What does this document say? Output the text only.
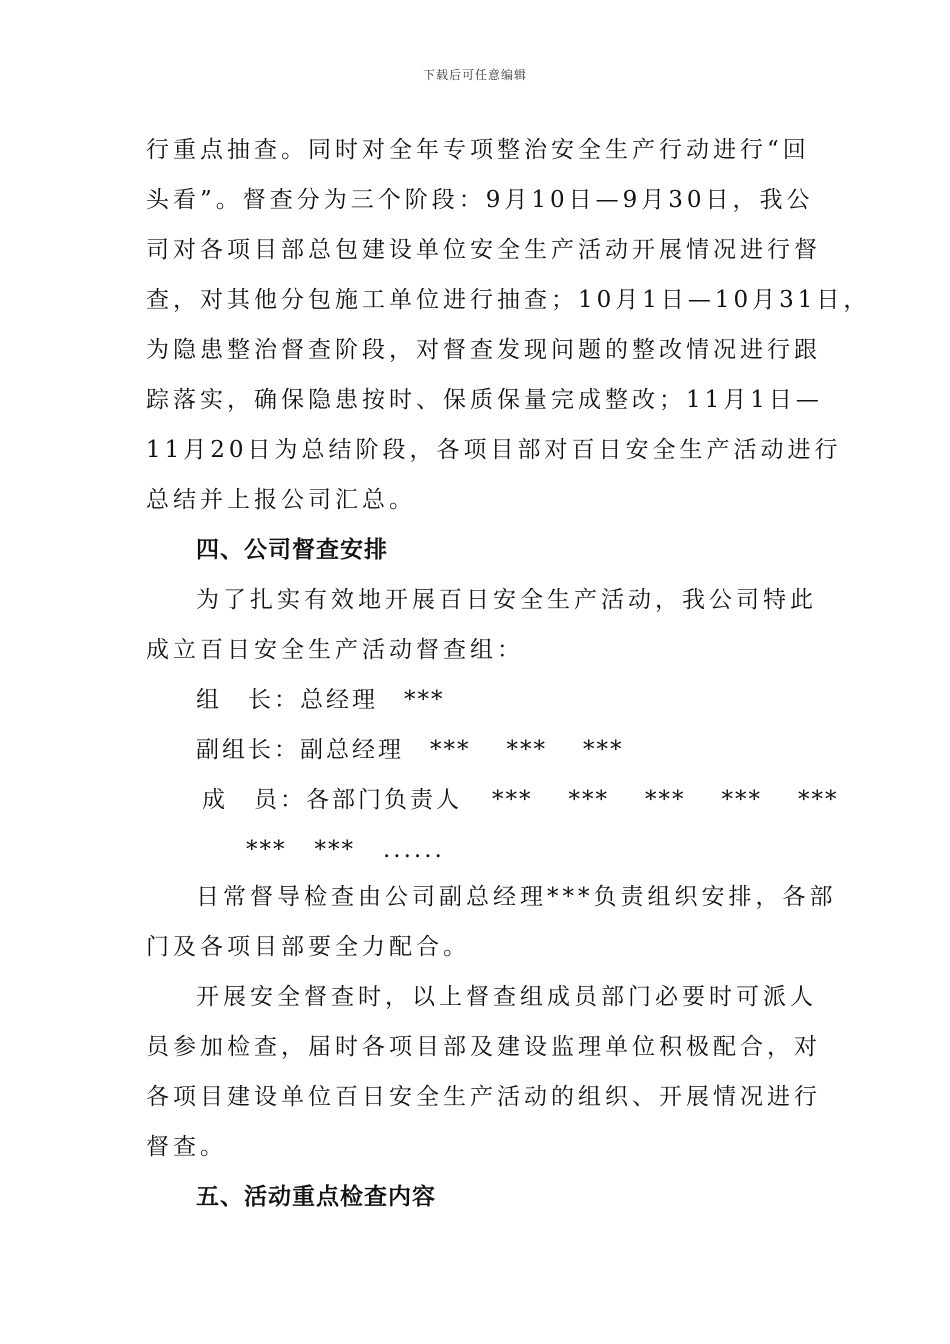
下载后可任意编辑
行重点抽查。同时对全年专项整治安全生产行动进行“回
头看”。督查分为三个阶段：9月10日—9月30日，我公
司对各项目部总包建设单位安全生产活动开展情况进行督
查，对其他分包施工单位进行抽查；10月1日—10月31日，
为隐患整治督查阶段，对督查发现问题的整改情况进行跟
踪落实，确保隐患按时、保质保量完成整改；11月1日—
11月20日为总结阶段，各项目部对百日安全生产活动进行
总结并上报公司汇总。
四、公司督查安排
为了扎实有效地开展百日安全生产活动，我公司特此
成立百日安全生产活动督查组：
组　长：总经理 ***
副组长：副总经理 *** *** ***
成　员：各部门负责人 *** *** *** *** ***
*** *** ......
日常督导检查由公司副总经理***负责组织安排，各部
门及各项目部要全力配合。
开展安全督查时，以上督查组成员部门必要时可派人
员参加检查，届时各项目部及建设监理单位积极配合，对
各项目建设单位百日安全生产活动的组织、开展情况进行
督查。
五、活动重点检查内容
